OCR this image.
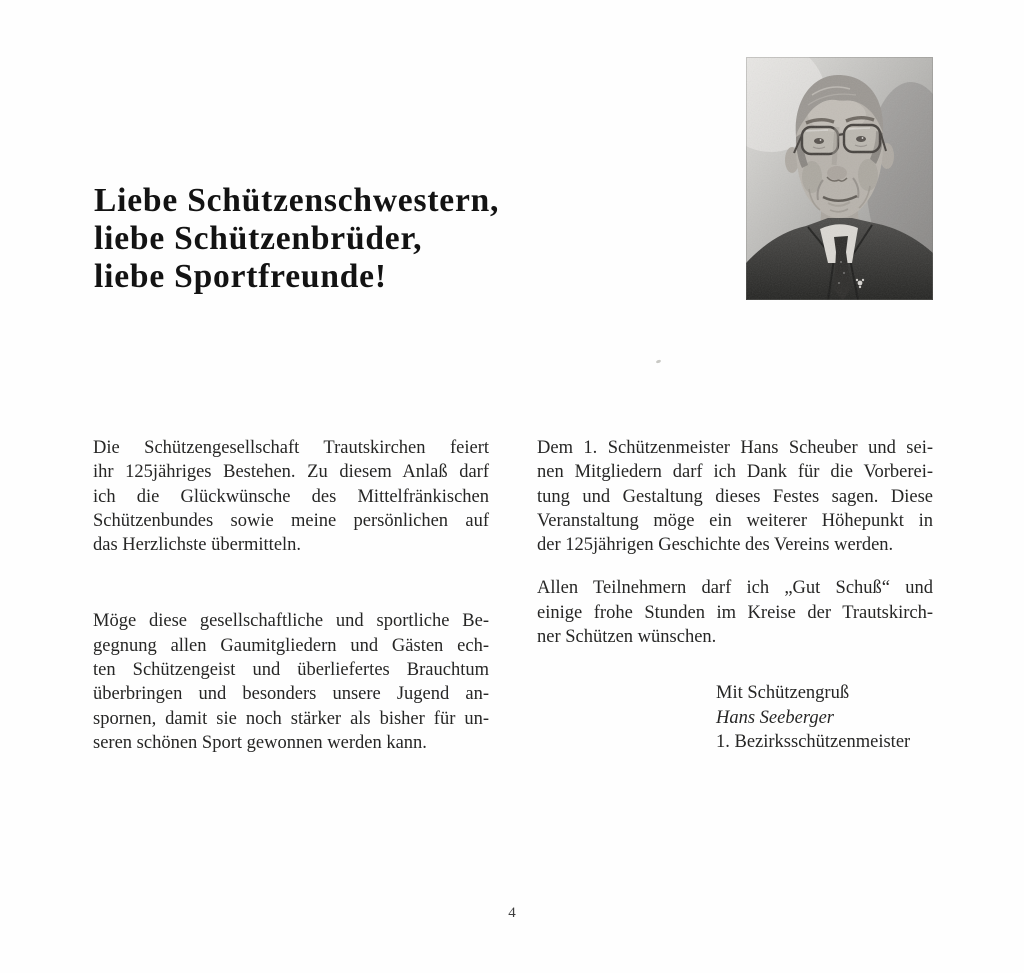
Liebe Schützenschwestern,
liebe Schützenbrüder,
liebe Sportfreunde!
Die Schützengesellschaft Trautskirchen feiert
ihr 125jähriges Bestehen. Zu diesem Anlaß darf
ich die Glückwünsche des Mittelfränkischen
Schützenbundes sowie meine persönlichen auf
das Herzlichste übermitteln.
Möge diese gesellschaftliche und sportliche Be-
gegnung allen Gaumitgliedern und Gästen ech-
ten Schützengeist und überliefertes Brauchtum
überbringen und besonders unsere Jugend an-
spornen, damit sie noch stärker als bisher für un-
seren schönen Sport gewonnen werden kann.
Dem 1. Schützenmeister Hans Scheuber und sei-
nen Mitgliedern darf ich Dank für die Vorberei-
tung und Gestaltung dieses Festes sagen. Diese
Veranstaltung möge ein weiterer Höhepunkt in
der 125jährigen Geschichte des Vereins werden.
Allen Teilnehmern darf ich „Gut Schuß“ und
einige frohe Stunden im Kreise der Trautskirch-
ner Schützen wünschen.
Mit Schützengruß
Hans Seeberger
1. Bezirksschützenmeister
4
